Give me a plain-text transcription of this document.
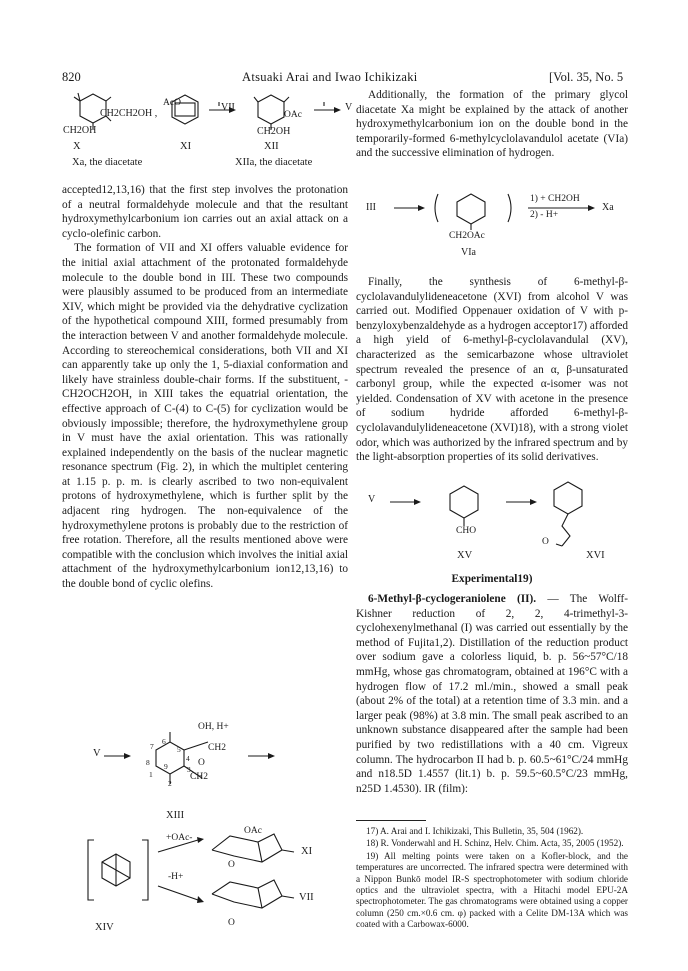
820	Atsuaki Arai and Iwao Ichikizaki	[Vol. 35, No. 5
VII	V
CH2CH2OH ,
CH2OH
AcO
OAc
CH2OH
X	XI	XII
Xa, the diacetate	XIIa, the diacetate

accepted12,13,16) that the first step involves the protonation of a neutral formaldehyde molecule and that the resultant hydroxymethylcarbonium ion carries out an axial attack on a cyclo-olefinic carbon.

The formation of VII and XI offers valuable evidence for the initial axial attachment of the protonated formaldehyde molecule to the double bond in III. These two compounds were plausibly assumed to be produced from an intermediate XIV, which might be provided via the dehydrative cyclization of the hypothetical compound XIII, formed presumably from the interaction between V and another formaldehyde molecule. According to stereochemical considerations, both VII and XI can apparently take up only the 1, 5-diaxial conformation and likely have strainless double-chair forms. If the substituent, -CH2OCH2OH, in XIII takes the equatrial orientation, the effective approach of C-(4) to C-(5) for cyclization would be obviously impossible; therefore, the hydroxymethylene group in V must have the axial orientation. This was rationally explained independently on the basis of the nuclear magnetic resonance spectrum (Fig. 2), in which the multiplet centering at 1.15 p. p. m. is clearly ascribed to two non-equivalent protons of hydroxymethylene, which is further split by the adjacent ring hydrogen. The non-equivalence of the hydroxymethylene protons is probably due to the restriction of free rotation. Therefore, all the results mentioned above were compatible with the conclusion which involves the initial axial attachment of the hydroxymethylcarbonium ion12,13,16) to the double bond of cyclic olefins.

V
OH, H+
CH2
CH2
O
7
6
5
4
8 9
1
3
2
XIII
+OAc-
-H+
OAc
O
O
XI
VII
XIV

Additionally, the formation of the primary glycol diacetate Xa might be explained by the attack of another hydroxymethylcarbonium ion on the double bond in the temporarily-formed 6-methylcyclolavandulol acetate (VIa) and the successive elimination of hydrogen.

III
1) + CH2OH
2) - H+
Xa
CH2OAc
VIa

Finally, the synthesis of 6-methyl-β-cyclolavandulylideneacetone (XVI) from alcohol V was carried out. Modified Oppenauer oxidation of V with p-benzyloxybenzaldehyde as a hydrogen acceptor17) afforded a high yield of 6-methyl-β-cyclolavandulal (XV), characterized as the semicarbazone whose ultraviolet spectrum revealed the presence of an α, β-unsaturated carbonyl group, while the expected α-isomer was not yielded. Condensation of XV with acetone in the presence of sodium hydride afforded 6-methyl-β-cyclolavandulylideneacetone (XVI)18), with a strong violet odor, which was authorized by the infrared spectrum and by the light-absorption properties of its solid derivatives.

V
CHO
O
XV	XVI
Experimental19)

6-Methyl-β-cyclogeraniolene (II). — The Wolff-Kishner reduction of 2, 2, 4-trimethyl-3-cyclohexenylmethanal (I) was carried out essentially by the method of Fujita1,2). Distillation of the reduction product over sodium gave a colorless liquid, b. p. 56~57°C/18 mmHg, whose gas chromatogram, obtained at 196°C with a hydrogen flow of 17.2 ml./min., showed a small peak (about 2% of the total) at a retention time of 3.3 min. and a larger peak (98%) at 3.8 min. The small peak ascribed to an unknown substance disappeared after the sample had been purified by two redistillations with a 40 cm. Vigreux column. The hydrocarbon II had b. p. 60.5~61°C/24 mmHg and n18.5D 1.4557 (lit.1) b. p. 59.5~60.5°C/23 mmHg, n25D 1.4530). IR (film):

17) A. Arai and I. Ichikizaki, This Bulletin, 35, 504 (1962).

18) R. Vonderwahl and H. Schinz, Helv. Chim. Acta, 35, 2005 (1952).

19) All melting points were taken on a Kofler-block, and the temperatures are uncorrected. The infrared spectra were determined with a Nippon Bunkō model IR-S spectrophotometer with sodium chloride optics and the ultraviolet spectra, with a Hitachi model EPU-2A spectrophotometer. The gas chromatograms were obtained using a copper column (250 cm.×0.6 cm. φ) packed with a Celite DM-13A which was coated with a Carbowax-6000.
